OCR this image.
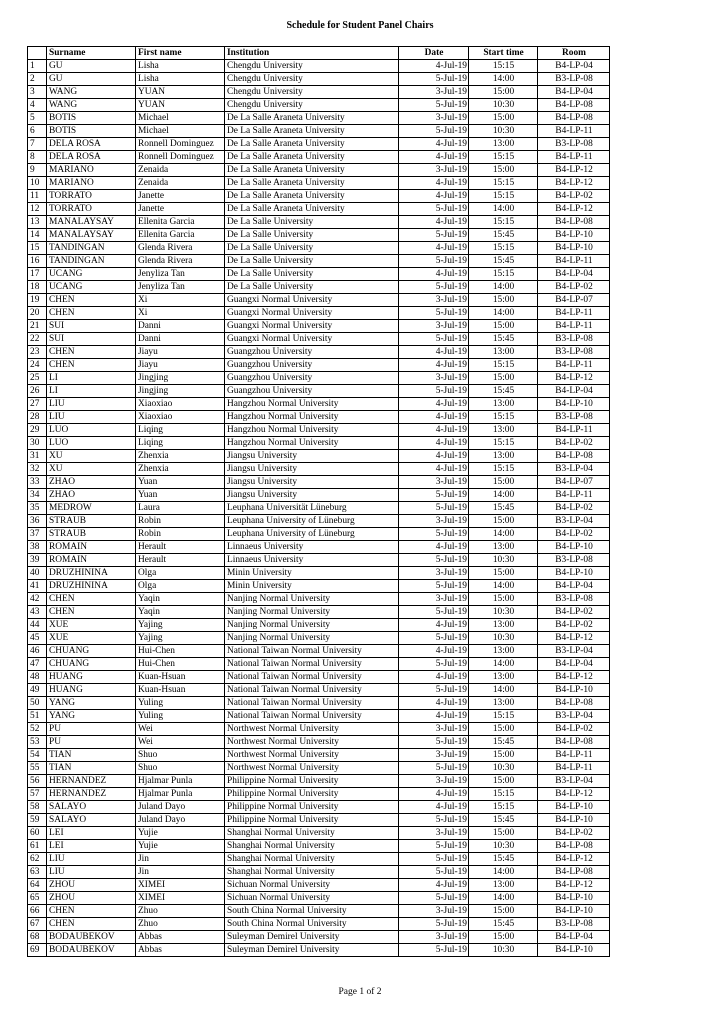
Schedule for Student Panel Chairs
	Surname	First name	Institution	Date	Start time	Room
1	GU	Lisha	Chengdu University	4-Jul-19	15:15	B4-LP-04
2	GU	Lisha	Chengdu University	5-Jul-19	14:00	B3-LP-08
3	WANG	YUAN	Chengdu University	3-Jul-19	15:00	B4-LP-04
4	WANG	YUAN	Chengdu University	5-Jul-19	10:30	B4-LP-08
5	BOTIS	Michael	De La Salle Araneta University	3-Jul-19	15:00	B4-LP-08
6	BOTIS	Michael	De La Salle Araneta University	5-Jul-19	10:30	B4-LP-11
7	DELA ROSA	Ronnell Dominguez	De La Salle Araneta University	4-Jul-19	13:00	B3-LP-08
8	DELA ROSA	Ronnell Dominguez	De La Salle Araneta University	4-Jul-19	15:15	B4-LP-11
9	MARIANO	Zenaida	De La Salle Araneta University	3-Jul-19	15:00	B4-LP-12
10	MARIANO	Zenaida	De La Salle Araneta University	4-Jul-19	15:15	B4-LP-12
11	TORRATO	Janette	De La Salle Araneta University	4-Jul-19	15:15	B4-LP-02
12	TORRATO	Janette	De La Salle Araneta University	5-Jul-19	14:00	B4-LP-12
13	MANALAYSAY	Ellenita Garcia	De La Salle University	4-Jul-19	15:15	B4-LP-08
14	MANALAYSAY	Ellenita Garcia	De La Salle University	5-Jul-19	15:45	B4-LP-10
15	TANDINGAN	Glenda Rivera	De La Salle University	4-Jul-19	15:15	B4-LP-10
16	TANDINGAN	Glenda Rivera	De La Salle University	5-Jul-19	15:45	B4-LP-11
17	UCANG	Jenyliza Tan	De La Salle University	4-Jul-19	15:15	B4-LP-04
18	UCANG	Jenyliza Tan	De La Salle University	5-Jul-19	14:00	B4-LP-02
19	CHEN	Xi	Guangxi Normal University	3-Jul-19	15:00	B4-LP-07
20	CHEN	Xi	Guangxi Normal University	5-Jul-19	14:00	B4-LP-11
21	SUI	Danni	Guangxi Normal University	3-Jul-19	15:00	B4-LP-11
22	SUI	Danni	Guangxi Normal University	5-Jul-19	15:45	B3-LP-08
23	CHEN	Jiayu	Guangzhou University	4-Jul-19	13:00	B3-LP-08
24	CHEN	Jiayu	Guangzhou University	4-Jul-19	15:15	B4-LP-11
25	LI	Jingjing	Guangzhou University	3-Jul-19	15:00	B4-LP-12
26	LI	Jingjing	Guangzhou University	5-Jul-19	15:45	B4-LP-04
27	LIU	Xiaoxiao	Hangzhou Normal University	4-Jul-19	13:00	B4-LP-10
28	LIU	Xiaoxiao	Hangzhou Normal University	4-Jul-19	15:15	B3-LP-08
29	LUO	Liqing	Hangzhou Normal University	4-Jul-19	13:00	B4-LP-11
30	LUO	Liqing	Hangzhou Normal University	4-Jul-19	15:15	B4-LP-02
31	XU	Zhenxia	Jiangsu University	4-Jul-19	13:00	B4-LP-08
32	XU	Zhenxia	Jiangsu University	4-Jul-19	15:15	B3-LP-04
33	ZHAO	Yuan	Jiangsu University	3-Jul-19	15:00	B4-LP-07
34	ZHAO	Yuan	Jiangsu University	5-Jul-19	14:00	B4-LP-11
35	MEDROW	Laura	Leuphana Universität Lüneburg	5-Jul-19	15:45	B4-LP-02
36	STRAUB	Robin	Leuphana University of Lüneburg	3-Jul-19	15:00	B3-LP-04
37	STRAUB	Robin	Leuphana University of Lüneburg	5-Jul-19	14:00	B4-LP-02
38	ROMAIN	Herault	Linnaeus University	4-Jul-19	13:00	B4-LP-10
39	ROMAIN	Herault	Linnaeus University	5-Jul-19	10:30	B3-LP-08
40	DRUZHININA	Olga	Minin University	3-Jul-19	15:00	B4-LP-10
41	DRUZHININA	Olga	Minin University	5-Jul-19	14:00	B4-LP-04
42	CHEN	Yaqin	Nanjing Normal University	3-Jul-19	15:00	B3-LP-08
43	CHEN	Yaqin	Nanjing Normal University	5-Jul-19	10:30	B4-LP-02
44	XUE	Yajing	Nanjing Normal University	4-Jul-19	13:00	B4-LP-02
45	XUE	Yajing	Nanjing Normal University	5-Jul-19	10:30	B4-LP-12
46	CHUANG	Hui-Chen	National Taiwan Normal University	4-Jul-19	13:00	B3-LP-04
47	CHUANG	Hui-Chen	National Taiwan Normal University	5-Jul-19	14:00	B4-LP-04
48	HUANG	Kuan-Hsuan	National Taiwan Normal University	4-Jul-19	13:00	B4-LP-12
49	HUANG	Kuan-Hsuan	National Taiwan Normal University	5-Jul-19	14:00	B4-LP-10
50	YANG	Yuling	National Taiwan Normal University	4-Jul-19	13:00	B4-LP-08
51	YANG	Yuling	National Taiwan Normal University	4-Jul-19	15:15	B3-LP-04
52	PU	Wei	Northwest Normal University	3-Jul-19	15:00	B4-LP-02
53	PU	Wei	Northwest Normal University	5-Jul-19	15:45	B4-LP-08
54	TIAN	Shuo	Northwest Normal University	3-Jul-19	15:00	B4-LP-11
55	TIAN	Shuo	Northwest Normal University	5-Jul-19	10:30	B4-LP-11
56	HERNANDEZ	Hjalmar Punla	Philippine Normal University	3-Jul-19	15:00	B3-LP-04
57	HERNANDEZ	Hjalmar Punla	Philippine Normal University	4-Jul-19	15:15	B4-LP-12
58	SALAYO	Juland Dayo	Philippine Normal University	4-Jul-19	15:15	B4-LP-10
59	SALAYO	Juland Dayo	Philippine Normal University	5-Jul-19	15:45	B4-LP-10
60	LEI	Yujie	Shanghai Normal University	3-Jul-19	15:00	B4-LP-02
61	LEI	Yujie	Shanghai Normal University	5-Jul-19	10:30	B4-LP-08
62	LIU	Jin	Shanghai Normal University	5-Jul-19	15:45	B4-LP-12
63	LIU	Jin	Shanghai Normal University	5-Jul-19	14:00	B4-LP-08
64	ZHOU	XIMEI	Sichuan Normal University	4-Jul-19	13:00	B4-LP-12
65	ZHOU	XIMEI	Sichuan Normal University	5-Jul-19	14:00	B4-LP-10
66	CHEN	Zhuo	South China Normal University	3-Jul-19	15:00	B4-LP-10
67	CHEN	Zhuo	South China Normal University	5-Jul-19	15:45	B3-LP-08
68	BODAUBEKOV	Abbas	Suleyman Demirel University	3-Jul-19	15:00	B4-LP-04
69	BODAUBEKOV	Abbas	Suleyman Demirel University	5-Jul-19	10:30	B4-LP-10
Page 1 of 2
